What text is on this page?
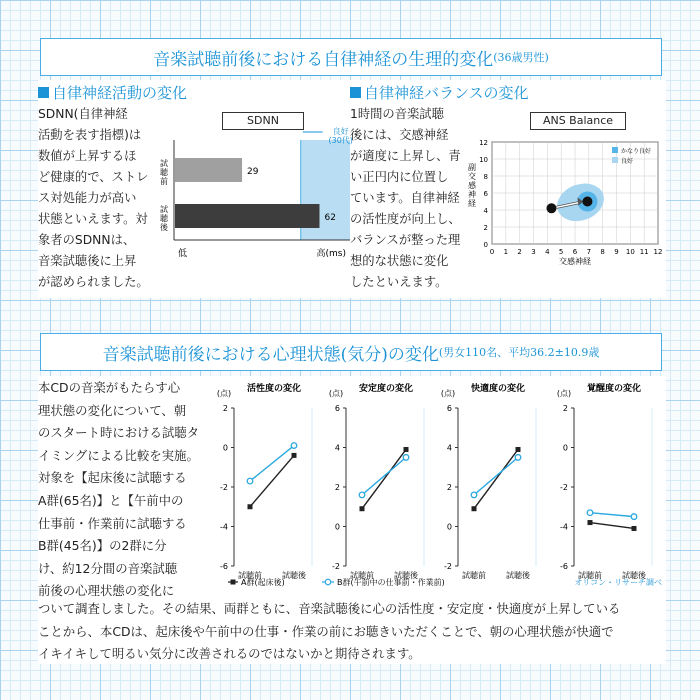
音楽試聴前後における自律神経の生理的変化 (36歳男性)
自律神経活動の変化
SDNN(自律神経
活動を表す指標)は
数値が上昇するほ
ど健康的で、ストレ
ス対処能力が高い
状態といえます。対
象者のSDNNは、
音楽試聴後に上昇
が認められました。
SDNN
良好
(30代)
29
62
試
聴
前
試
聴
後
低	高(ms)
自律神経バランスの変化
1時間の音楽試聴
後には、交感神経
が適度に上昇し、青
い正円内に位置し
ています。自律神経
の活性度が向上し、
バランスが整った理
想的な状態に変化
したといえます。
ANS Balance
0 1 2 3 4 5 6 7 8 9 10 11 12
0
2
4
6
8
10
12
かなり良好
良好
交感神経
副
交
感
神
経
音楽試聴前後における心理状態(気分)の変化 (男女110名、平均36.2±10.9歳
本CDの音楽がもたらす心
理状態の変化について、朝
のスタート時における試聴タ
イミングによる比較を実施。
対象を【起床後に試聴する
A群(65名)】と【午前中の
仕事前・作業前に試聴する
B群(45名)】の2群に分
け、約12分間の音楽試聴
前後の心理状態の変化に
ついて調査しました。その結果、両群ともに、音楽試聴後に心の活性度・安定度・快適度が上昇している
ことから、本CDは、起床後や午前中の仕事・作業の前にお聴きいただくことで、朝の心理状態が快適で
イキイキして明るい気分に改善されるのではないかと期待されます。
活性度の変化
(点)
2
0
-2
-4
-6
試聴前	試聴後
安定度の変化
(点)
6
4
2
0
-2
試聴前	試聴後
快適度の変化
(点)
6
4
2
0
-2
試聴前	試聴後
覚醒度の変化
(点)
2
0
-2
-4
-6
試聴前	試聴後
A群(起床後)	B群(午前中の仕事前・作業前)	オリコン・リサーチ調べ
